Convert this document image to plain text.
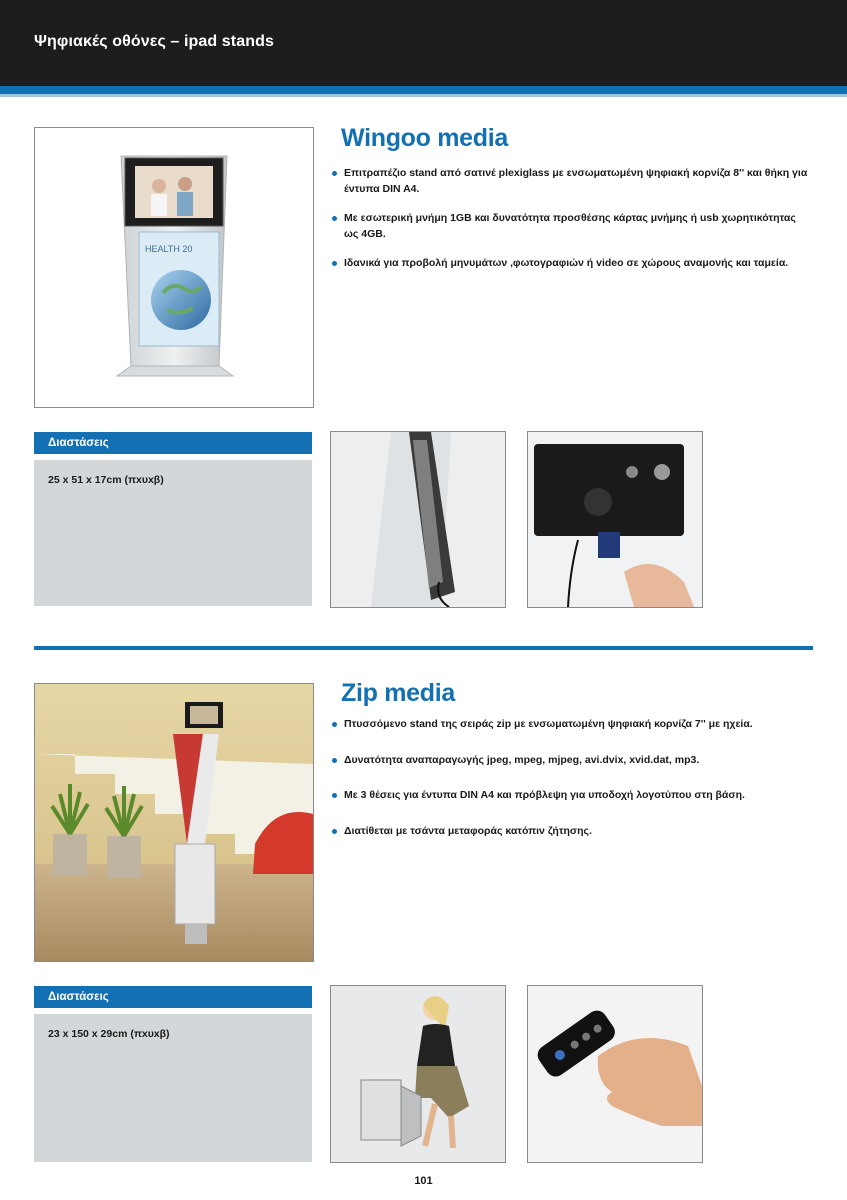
Ψηφιακές οθόνες – ipad stands
HEALTH 20
Wingoo media
Επιτραπέζιο stand από σατινέ plexiglass με ενσωματωμένη ψηφιακή κορνίζα 8'' και θήκη για έντυπα DIN A4.
Με εσωτερική μνήμη 1GB και δυνατότητα προσθέσης κάρτας μνήμης ή usb χωρητικότητας ως 4GB.
Ιδανικά για προβολή μηνυμάτων ,φωτογραφιών ή video σε χώρους αναμονής και ταμεία.
Διαστάσεις
25 x 51 x 17cm (πxυxβ)
Zip media
Πτυσσόμενο stand της σειράς zip με ενσωματωμένη ψηφιακή κορνίζα 7'' με ηχεία.
Δυνατότητα αναπαραγωγής jpeg, mpeg, mjpeg, avi.dvix, xvid.dat, mp3.
Με 3 θέσεις για έντυπα DIN A4 και πρόβλεψη για υποδοχή λογοτύπου στη βάση.
Διατίθεται με τσάντα μεταφοράς κατόπιν ζήτησης.
Διαστάσεις
23 x 150 x 29cm (πxυxβ)
101
